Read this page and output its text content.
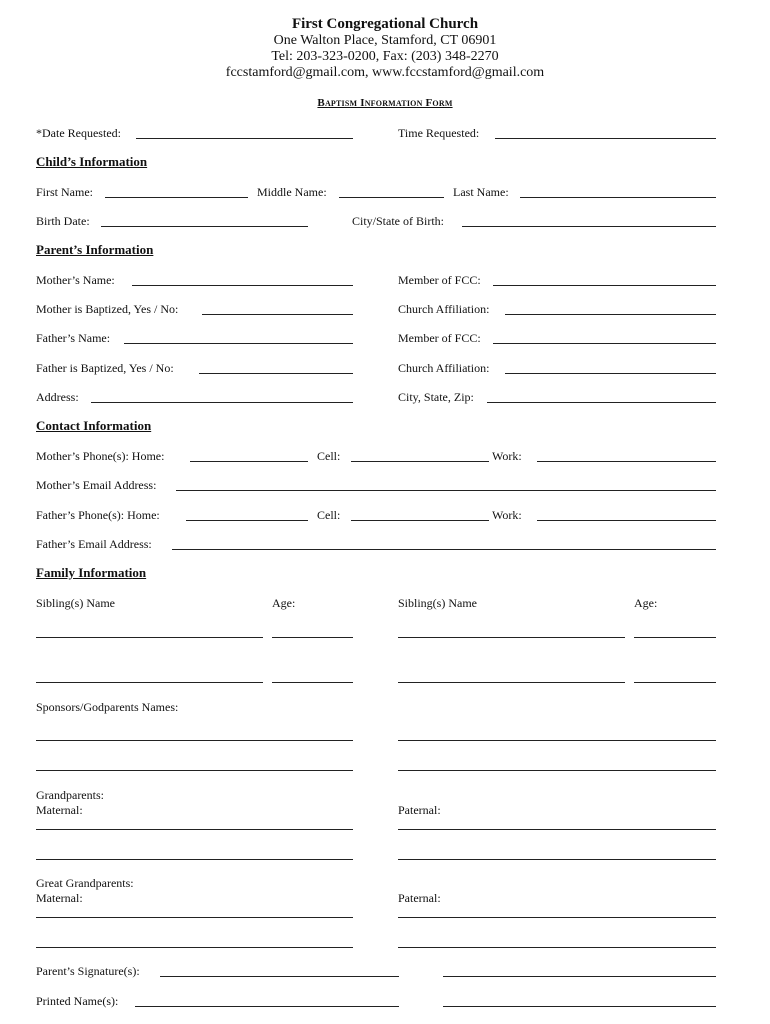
First Congregational Church
One Walton Place, Stamford, CT 06901
Tel: 203-323-0200, Fax: (203) 348-2270
fccstamford@gmail.com, www.fccstamford@gmail.com
Baptism Information Form
*Date Requested:	Time Requested:
Child’s Information
First Name:	Middle Name:	Last Name:
Birth Date:	City/State of Birth:
Parent’s Information
Mother’s Name:	Member of FCC:
Mother is Baptized, Yes / No:	Church Affiliation:
Father’s Name:	Member of FCC:
Father is Baptized, Yes / No:	Church Affiliation:
Address:	City, State, Zip:
Contact Information
Mother’s Phone(s): Home:	Cell:	Work:
Mother’s Email Address:
Father’s Phone(s): Home:	Cell:	Work:
Father’s Email Address:
Family Information
Sibling(s) Name	Age:	Sibling(s) Name	Age:
Sponsors/Godparents Names:
Grandparents:
Maternal:	Paternal:
Great Grandparents:
Maternal:	Paternal:
Parent’s Signature(s):
Printed Name(s):
